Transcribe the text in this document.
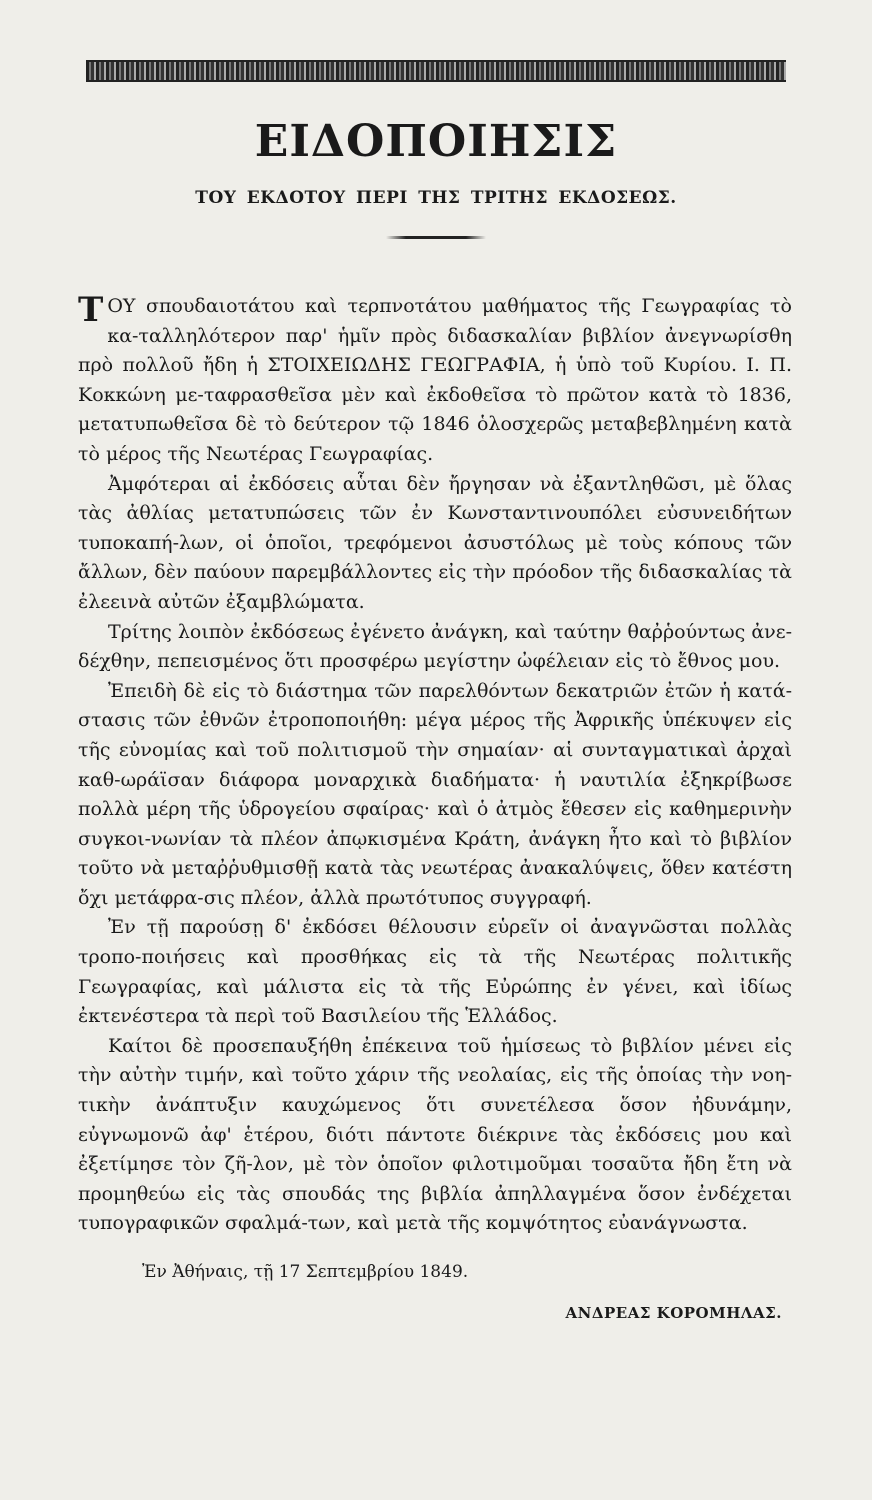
ΕΙΔΟΠΟΙΗΣΙΣ
ΤΟΥ ΕΚΔΟΤΟΥ ΠΕΡΙ ΤΗΣ ΤΡΙΤΗΣ ΕΚΔΟΣΕΩΣ.

ΤΟΥ σπουδαιοτάτου καὶ τερπνοτάτου μαθήματος τῆς Γεωγραφίας τὸ κα-ταλληλότερον παρ' ἡμῖν πρὸς διδασκαλίαν βιβλίον ἀνεγνωρίσθη πρὸ πολλοῦ ἤδη ἡ ΣΤΟΙΧΕΙΩΔΗΣ ΓΕΩΓΡΑΦΙΑ, ἡ ὑπὸ τοῦ Κυρίου. Ι. Π. Κοκκώνη με-ταφρασθεῖσα μὲν καὶ ἐκδοθεῖσα τὸ πρῶτον κατὰ τὸ 1836, μετατυπωθεῖσα δὲ τὸ δεύτερον τῷ 1846 ὁλοσχερῶς μεταβεβλημένη κατὰ τὸ μέρος τῆς Νεωτέρας Γεωγραφίας.

Ἀμφότεραι αἱ ἐκδόσεις αὗται δὲν ἤργησαν νὰ ἐξαντληθῶσι, μὲ ὅλας τὰς ἀθλίας μετατυπώσεις τῶν ἐν Κωνσταντινουπόλει εὐσυνειδήτων τυποκαπή-λων, οἱ ὁποῖοι, τρεφόμενοι ἀσυστόλως μὲ τοὺς κόπους τῶν ἄλλων, δὲν παύουν παρεμβάλλοντες εἰς τὴν πρόοδον τῆς διδασκαλίας τὰ ἐλεεινὰ αὐτῶν ἐξαμβλώματα.

Τρίτης λοιπὸν ἐκδόσεως ἐγένετο ἀνάγκη, καὶ ταύτην θαῤῥούντως ἀνε-δέχθην, πεπεισμένος ὅτι προσφέρω μεγίστην ὠφέλειαν εἰς τὸ ἔθνος μου.

Ἐπειδὴ δὲ εἰς τὸ διάστημα τῶν παρελθόντων δεκατριῶν ἐτῶν ἡ κατά-στασις τῶν ἐθνῶν ἐτροποποιήθη: μέγα μέρος τῆς Ἀφρικῆς ὑπέκυψεν εἰς τῆς εὐνομίας καὶ τοῦ πολιτισμοῦ τὴν σημαίαν· αἱ συνταγματικαὶ ἀρχαὶ καθ-ωράϊσαν διάφορα μοναρχικὰ διαδήματα· ἡ ναυτιλία ἐξηκρίβωσε πολλὰ μέρη τῆς ὑδρογείου σφαίρας· καὶ ὁ ἀτμὸς ἔθεσεν εἰς καθημερινὴν συγκοι-νωνίαν τὰ πλέον ἀπῳκισμένα Κράτη, ἀνάγκη ἦτο καὶ τὸ βιβλίον τοῦτο νὰ μεταῤῥυθμισθῇ κατὰ τὰς νεωτέρας ἀνακαλύψεις, ὅθεν κατέστη ὄχι μετάφρα-σις πλέον, ἀλλὰ πρωτότυπος συγγραφή.

Ἐν τῇ παρούσῃ δ' ἐκδόσει θέλουσιν εὑρεῖν οἱ ἀναγνῶσται πολλὰς τροπο-ποιήσεις καὶ προσθήκας εἰς τὰ τῆς Νεωτέρας πολιτικῆς Γεωγραφίας, καὶ μάλιστα εἰς τὰ τῆς Εὐρώπης ἐν γένει, καὶ ἰδίως ἐκτενέστερα τὰ περὶ τοῦ Βασιλείου τῆς Ἑλλάδος.

Καίτοι δὲ προσεπαυξήθη ἐπέκεινα τοῦ ἡμίσεως τὸ βιβλίον μένει εἰς τὴν αὐτὴν τιμήν, καὶ τοῦτο χάριν τῆς νεολαίας, εἰς τῆς ὁποίας τὴν νοη-τικὴν ἀνάπτυξιν καυχώμενος ὅτι συνετέλεσα ὅσον ἠδυνάμην, εὐγνωμονῶ ἀφ' ἑτέρου, διότι πάντοτε διέκρινε τὰς ἐκδόσεις μου καὶ ἐξετίμησε τὸν ζῆ-λον, μὲ τὸν ὁποῖον φιλοτιμοῦμαι τοσαῦτα ἤδη ἔτη νὰ προμηθεύω εἰς τὰς σπουδάς της βιβλία ἀπηλλαγμένα ὅσον ἐνδέχεται τυπογραφικῶν σφαλμά-των, καὶ μετὰ τῆς κομψότητος εὐανάγνωστα.

Ἐν Ἀθήναις, τῇ 17 Σεπτεμβρίου 1849.
ΑΝΔΡΕΑΣ ΚΟΡΟΜΗΛΑΣ.
